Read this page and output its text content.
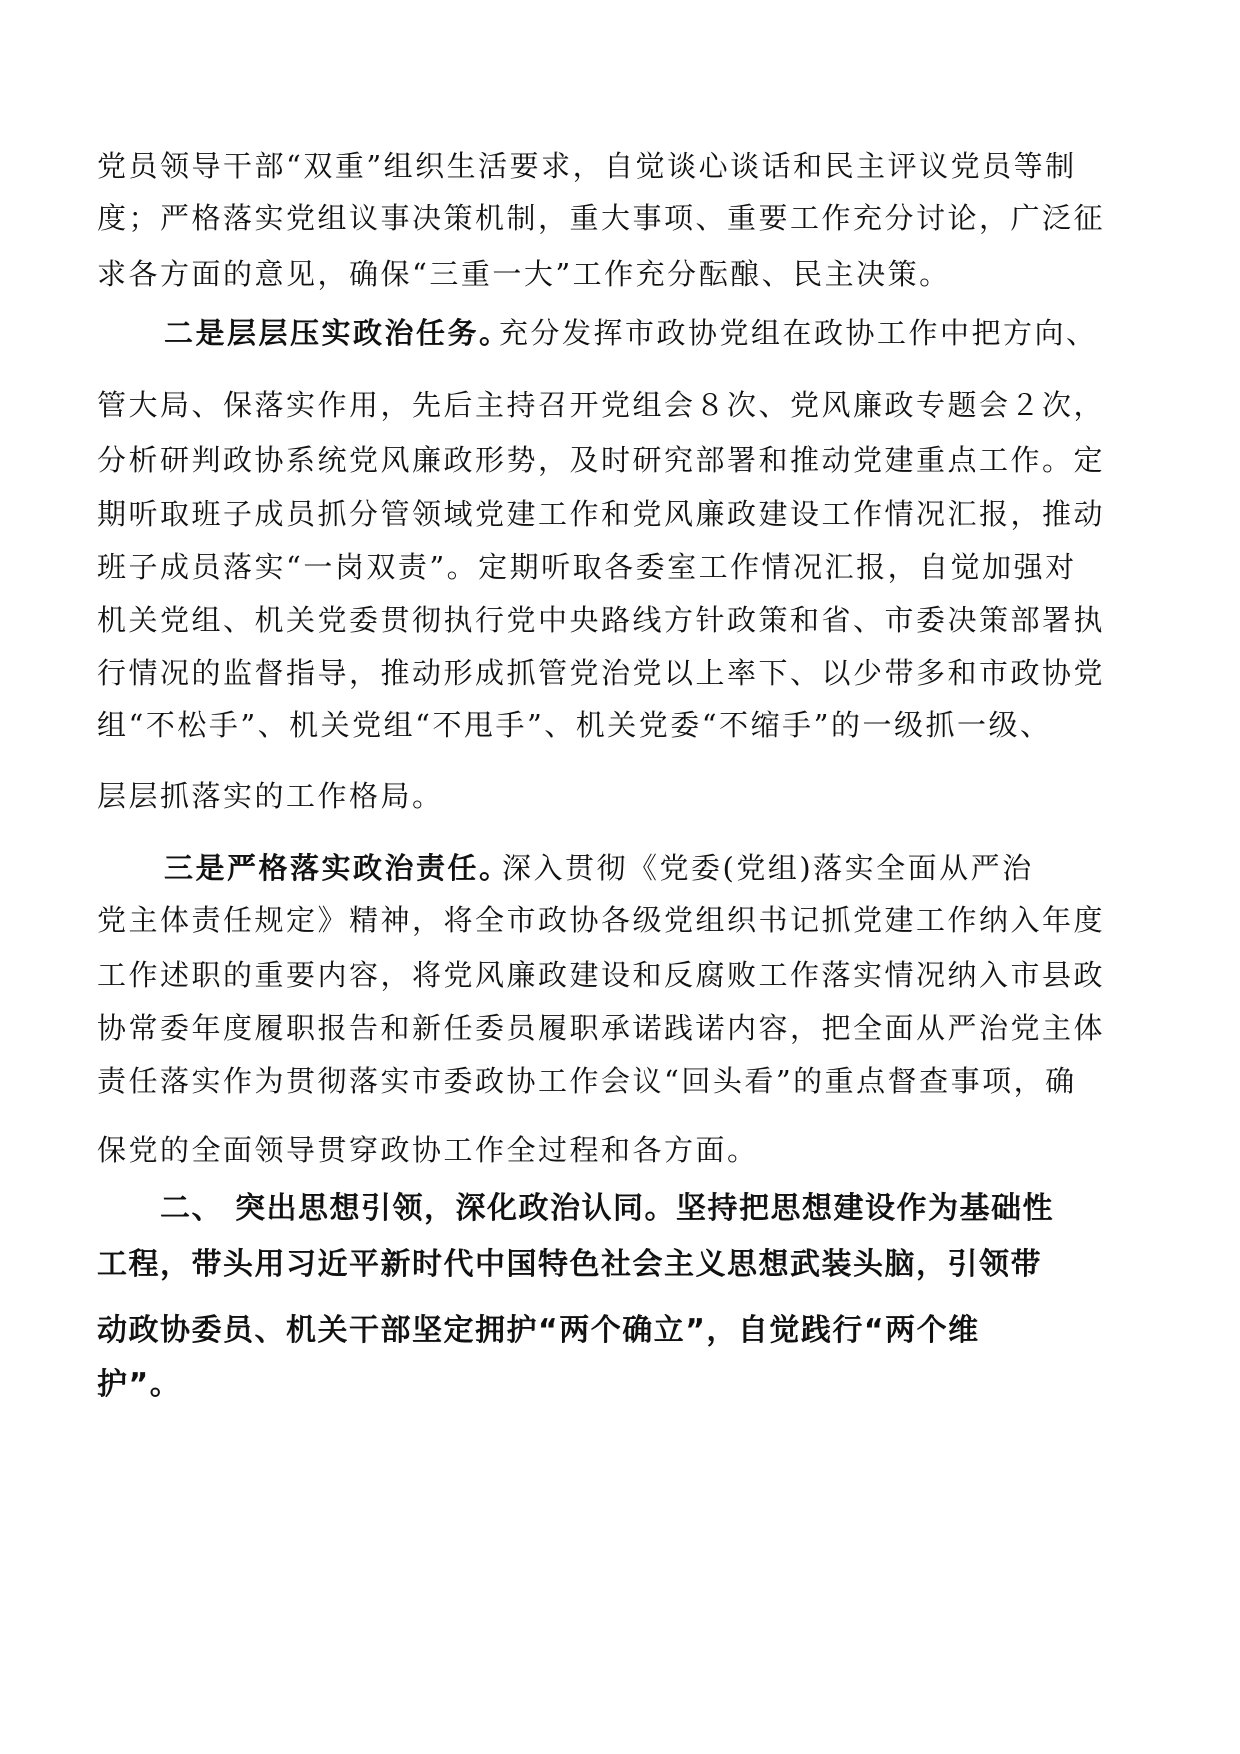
党员领导干部“双重”组织生活要求，自觉谈心谈话和民主评议党员等制
度；严格落实党组议事决策机制，重大事项、重要工作充分讨论，广泛征
求各方面的意见，确保“三重一大”工作充分酝酿、民主决策。
二是层层压实政治任务。
充分发挥市政协党组在政协工作中把方向、
管大局、保落实作用，先后主持召开党组会８次、党风廉政专题会２次，
分析研判政协系统党风廉政形势，及时研究部署和推动党建重点工作。定
期听取班子成员抓分管领域党建工作和党风廉政建设工作情况汇报，推动
班子成员落实“一岗双责”。定期听取各委室工作情况汇报，自觉加强对
机关党组、机关党委贯彻执行党中央路线方针政策和省、市委决策部署执
行情况的监督指导，推动形成抓管党治党以上率下、以少带多和市政协党
组“不松手”、机关党组“不甩手”、机关党委“不缩手”的一级抓一级、
层层抓落实的工作格局。
三是严格落实政治责任。
深入贯彻《党委(党组)落实全面从严治
党主体责任规定》精神，将全市政协各级党组织书记抓党建工作纳入年度
工作述职的重要内容，将党风廉政建设和反腐败工作落实情况纳入市县政
协常委年度履职报告和新任委员履职承诺践诺内容，把全面从严治党主体
责任落实作为贯彻落实市委政协工作会议“回头看”的重点督查事项，确
保党的全面领导贯穿政协工作全过程和各方面。
二、 突出思想引领，深化政治认同。坚持把思想建设作为基础性
工程，带头用习近平新时代中国特色社会主义思想武装头脑，引领带
动政协委员、机关干部坚定拥护“两个确立”，自觉践行“两个维
护”。
